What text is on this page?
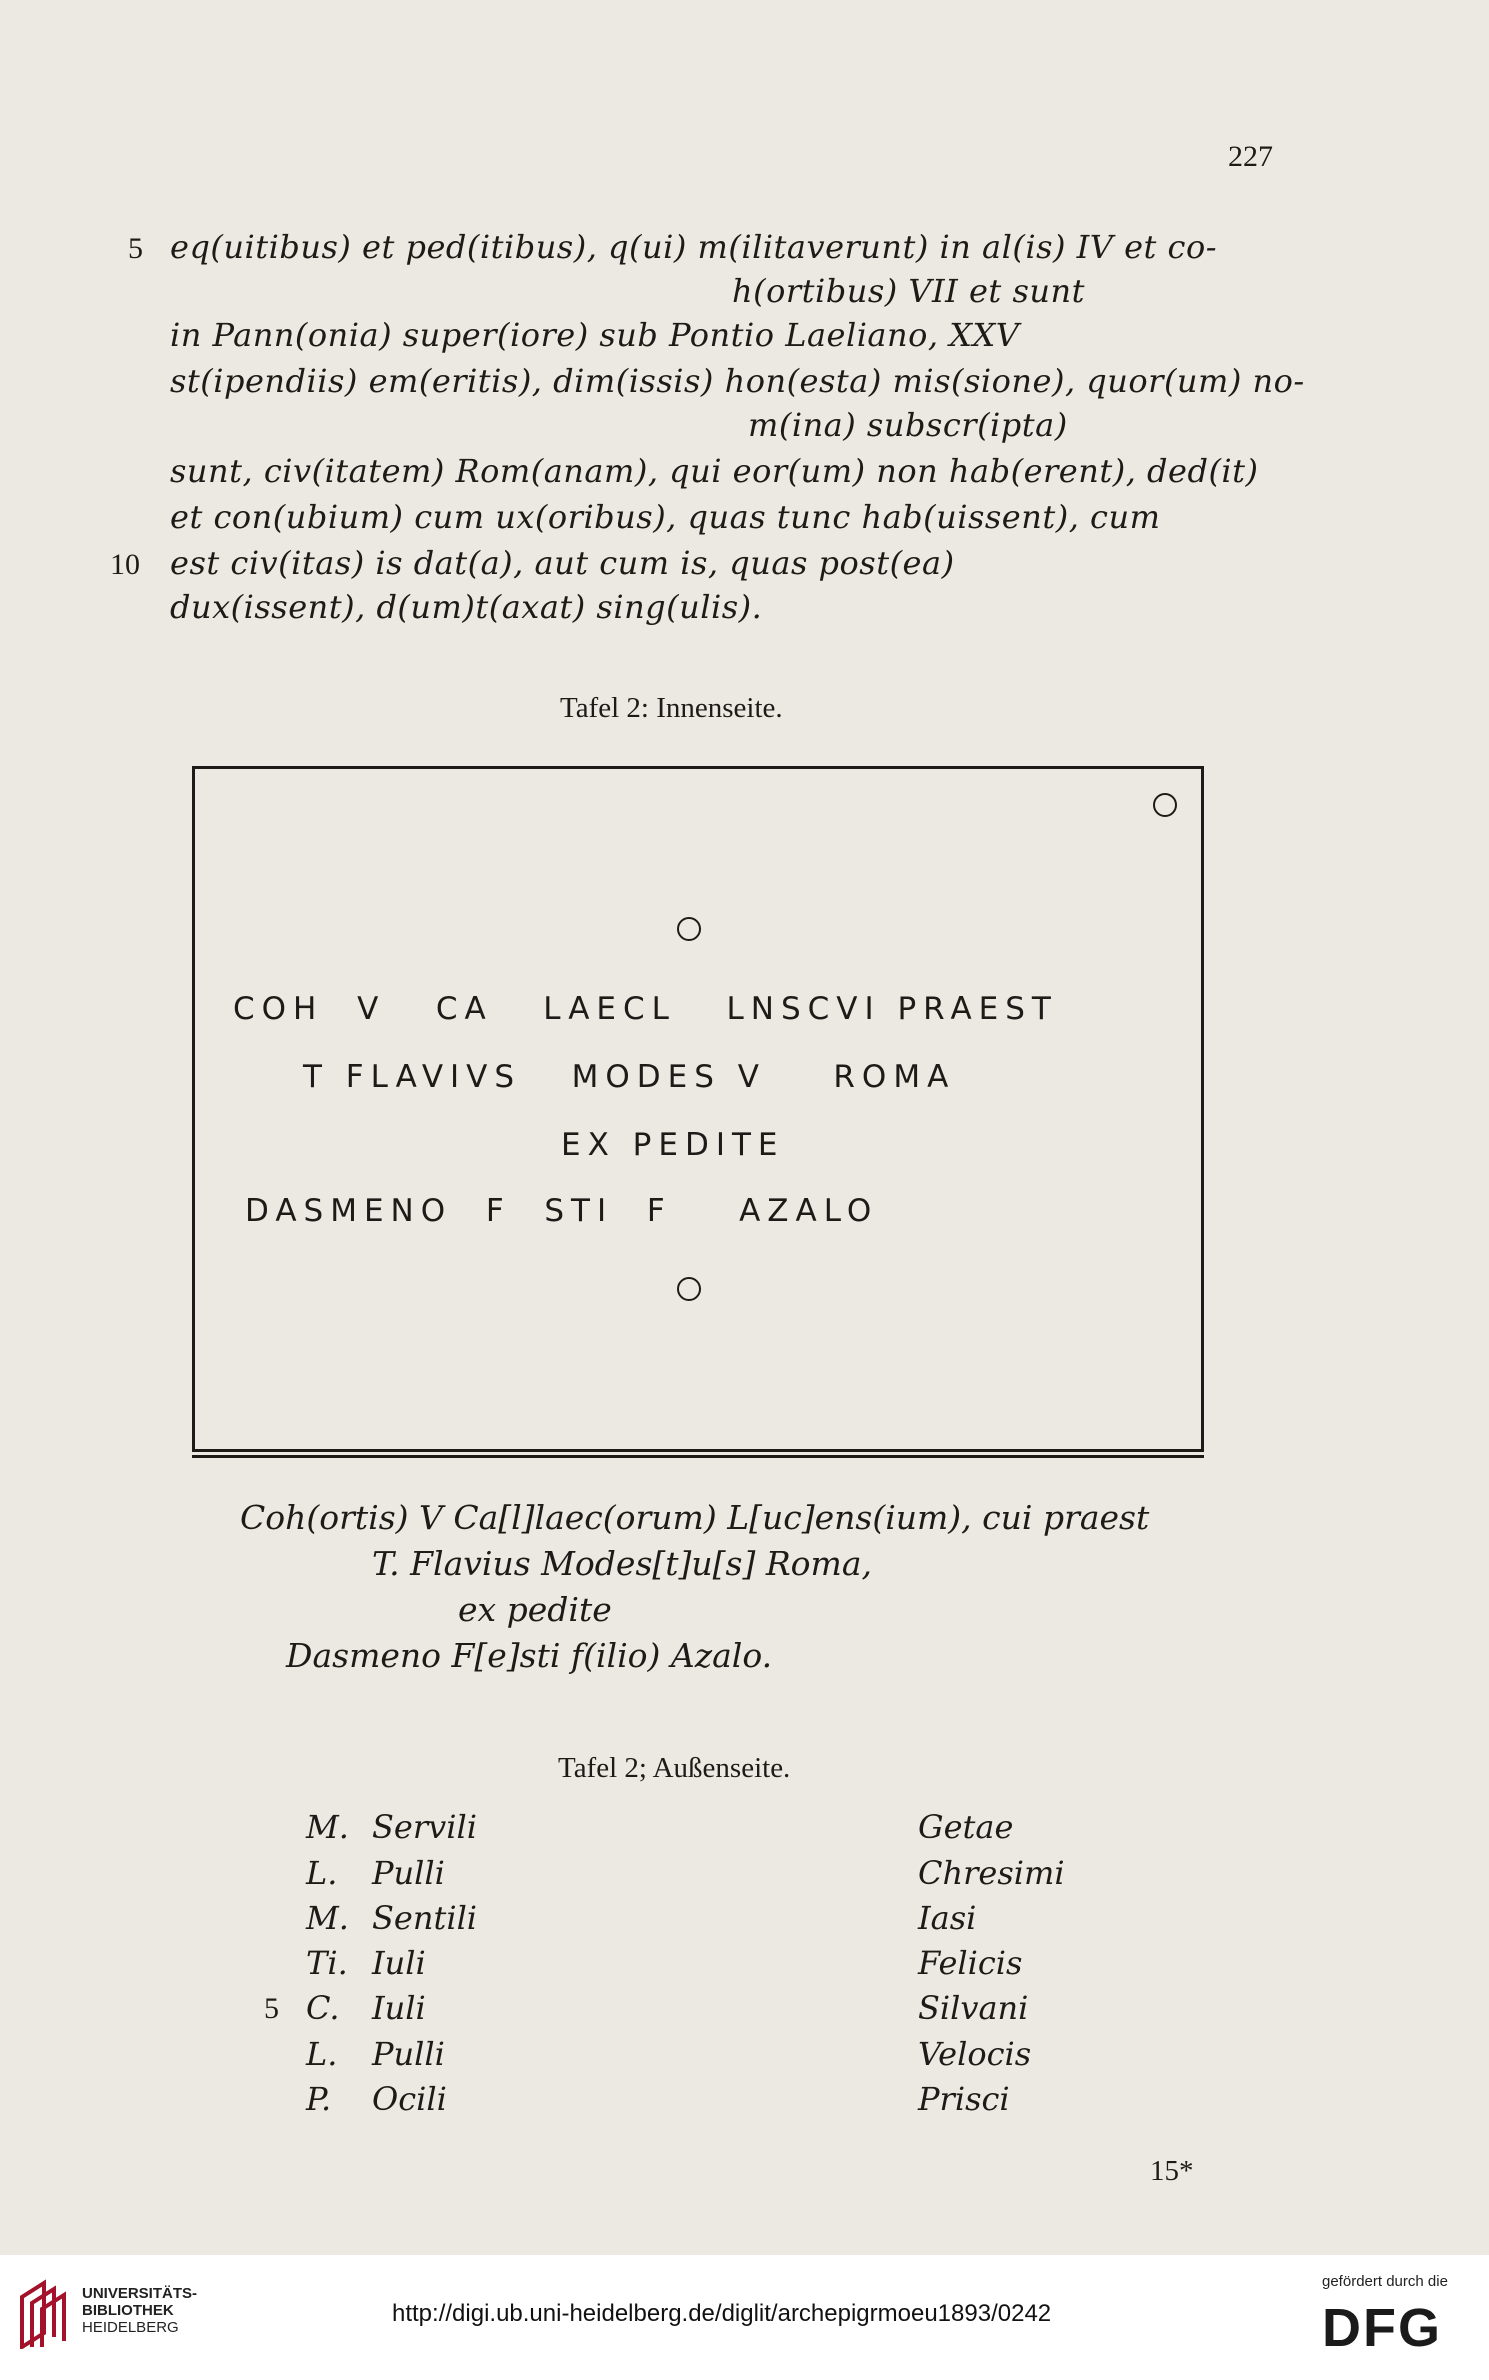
227
5 eq(uitibus) et ped(itibus), q(ui) m(ilitaverunt) in al(is) IV et co-
h(ortibus) VII et sunt
in Pann(onia) super(iore) sub Pontio Laeliano, XXV
st(ipendiis) em(eritis), dim(issis) hon(esta) mis(sione), quor(um) no-
m(ina) subscr(ipta)
sunt, civ(itatem) Rom(anam), qui eor(um) non hab(erent), ded(it)
et con(ubium) cum ux(oribus), quas tunc hab(uissent), cum
10 est civ(itas) is dat(a), aut cum is, quas post(ea)
dux(issent), d(um)t(axat) sing(ulis).
Tafel 2: Innenseite.
COH  V   CA   LAECL   LNSCVI PRAEST
T FLAVIVS   MODES V    ROMA
EX PEDITE
DASMENO  F  STI  F    AZALO
Coh(ortis) V Ca[l]laec(orum) L[uc]ens(ium), cui praest
T. Flavius Modes[t]u[s] Roma,
ex pedite
Dasmeno F[e]sti f(ilio) Azalo.
Tafel 2; Außenseite.
M. Servili	Getae
L. Pulli	Chresimi
M. Sentili	Iasi
Ti. Iuli	Felicis
5 C. Iuli	Silvani
L. Pulli	Velocis
P. Ocili	Prisci
15*
UNIVERSITÄTS-
BIBLIOTHEK
HEIDELBERG
http://digi.ub.uni-heidelberg.de/diglit/archepigrmoeu1893/0242
gefördert durch die
DFG
